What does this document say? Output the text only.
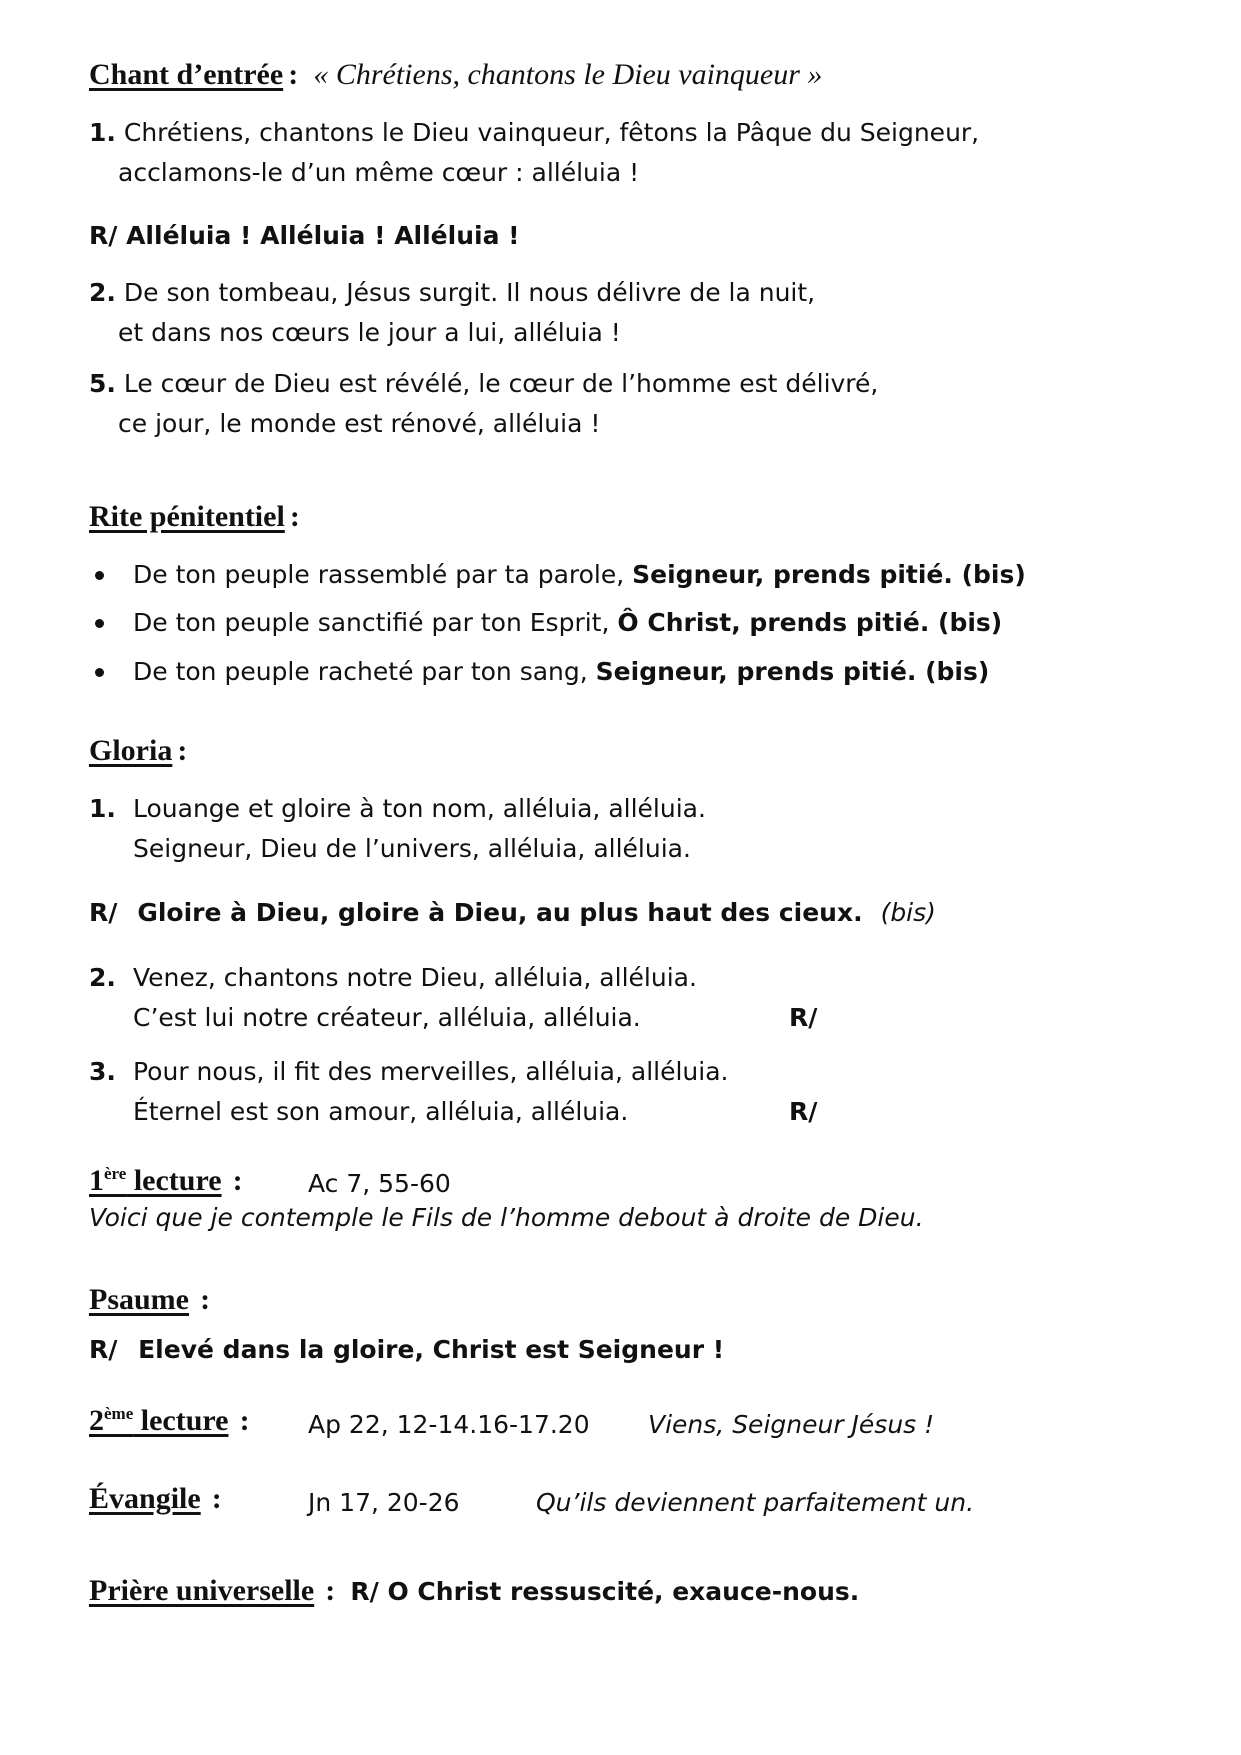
Chant d’entrée : « Chrétiens, chantons le Dieu vainqueur »
1. Chrétiens, chantons le Dieu vainqueur, fêtons la Pâque du Seigneur,
acclamons-le d’un même cœur : alléluia !
R/ Alléluia ! Alléluia ! Alléluia !
2. De son tombeau, Jésus surgit. Il nous délivre de la nuit,
et dans nos cœurs le jour a lui, alléluia !
5. Le cœur de Dieu est révélé, le cœur de l’homme est délivré,
ce jour, le monde est rénové, alléluia !
Rite pénitentiel :
De ton peuple rassemblé par ta parole, Seigneur, prends pitié. (bis)
De ton peuple sanctifié par ton Esprit, Ô Christ, prends pitié. (bis)
De ton peuple racheté par ton sang, Seigneur, prends pitié. (bis)
Gloria :
1. Louange et gloire à ton nom, alléluia, alléluia.
Seigneur, Dieu de l’univers, alléluia, alléluia.
R/ Gloire à Dieu, gloire à Dieu, au plus haut des cieux. (bis)
2. Venez, chantons notre Dieu, alléluia, alléluia.
C’est lui notre créateur, alléluia, alléluia.	R/
3. Pour nous, il fit des merveilles, alléluia, alléluia.
Éternel est son amour, alléluia, alléluia.	R/
1ère lecture :	Ac 7, 55-60
Voici que je contemple le Fils de l’homme debout à droite de Dieu.
Psaume :
R/ Elevé dans la gloire, Christ est Seigneur !
2ème lecture : Ap 22, 12-14.16-17.20 Viens, Seigneur Jésus !
Évangile :	Jn 17, 20-26	Qu’ils deviennent parfaitement un.
Prière universelle : R/ O Christ ressuscité, exauce-nous.
